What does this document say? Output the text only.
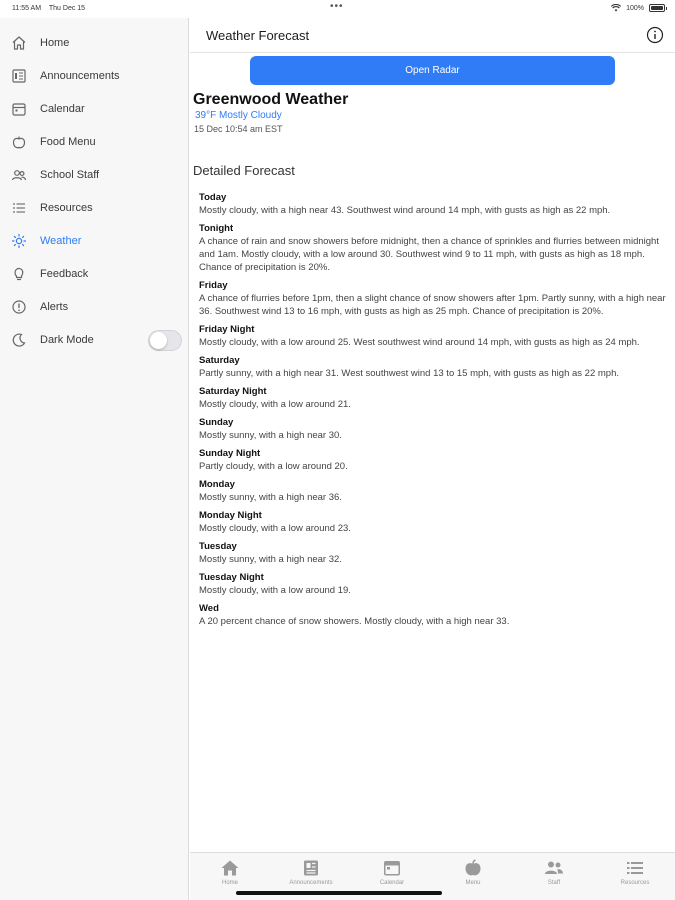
11:55 AM Thu Dec 15	•••	100%
Home
Announcements
Calendar
Food Menu
School Staff
Resources
Weather
Feedback
Alerts
Dark Mode
Weather Forecast
Open Radar
Greenwood Weather
39°F Mostly Cloudy
15 Dec 10:54 am EST
Detailed Forecast
Today
Mostly cloudy, with a high near 43. Southwest wind around 14 mph, with gusts as high as 22 mph.
Tonight
A chance of rain and snow showers before midnight, then a chance of sprinkles and flurries between midnight and 1am. Mostly cloudy, with a low around 30. Southwest wind 9 to 11 mph, with gusts as high as 18 mph. Chance of precipitation is 20%.
Friday
A chance of flurries before 1pm, then a slight chance of snow showers after 1pm. Partly sunny, with a high near 36. Southwest wind 13 to 16 mph, with gusts as high as 25 mph. Chance of precipitation is 20%.
Friday Night
Mostly cloudy, with a low around 25. West southwest wind around 14 mph, with gusts as high as 24 mph.
Saturday
Partly sunny, with a high near 31. West southwest wind 13 to 15 mph, with gusts as high as 22 mph.
Saturday Night
Mostly cloudy, with a low around 21.
Sunday
Mostly sunny, with a high near 30.
Sunday Night
Partly cloudy, with a low around 20.
Monday
Mostly sunny, with a high near 36.
Monday Night
Mostly cloudy, with a low around 23.
Tuesday
Mostly sunny, with a high near 32.
Tuesday Night
Mostly cloudy, with a low around 19.
Wed
A 20 percent chance of snow showers. Mostly cloudy, with a high near 33.
Home	Announcements	Calendar	Menu	Staff	Resources
